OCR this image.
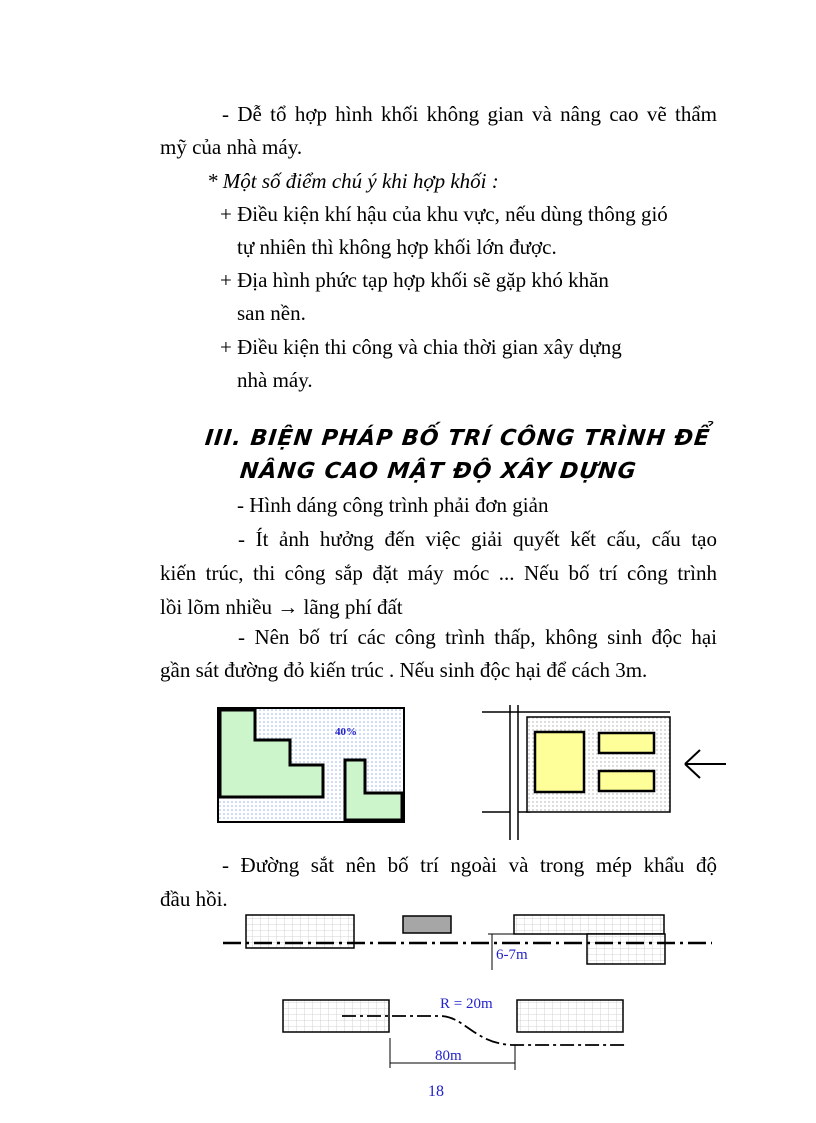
- Dễ tổ hợp hình khối không gian và nâng cao vẽ thẩm
mỹ của nhà máy.
* Một số điểm chú ý khi hợp khối :
+ Điều kiện khí hậu của khu vực, nếu dùng thông gió
tự nhiên thì không hợp khối lớn được.
+ Địa hình phức tạp hợp khối sẽ gặp khó khăn
san nền.
+ Điều kiện thi công và chia thời gian xây dựng
nhà máy.
III. BIỆN PHÁP BỐ TRÍ CÔNG TRÌNH ĐỂ
NÂNG CAO MẬT ĐỘ XÂY DỰNG
- Hình dáng công trình phải đơn giản
- Ít ảnh hưởng đến việc giải quyết kết cấu, cấu tạo
kiến trúc, thi công sắp đặt máy móc ... Nếu bố trí công trình
lồi lõm nhiều → lãng phí đất
- Nên bố trí các công trình thấp, không sinh độc hại
gần sát đường đỏ kiến trúc . Nếu sinh độc hại để cách 3m.
40%
- Đường sắt nên bố trí ngoài và trong mép khẩu độ
đầu hồi.
6-7m
R = 20m
80m
18
